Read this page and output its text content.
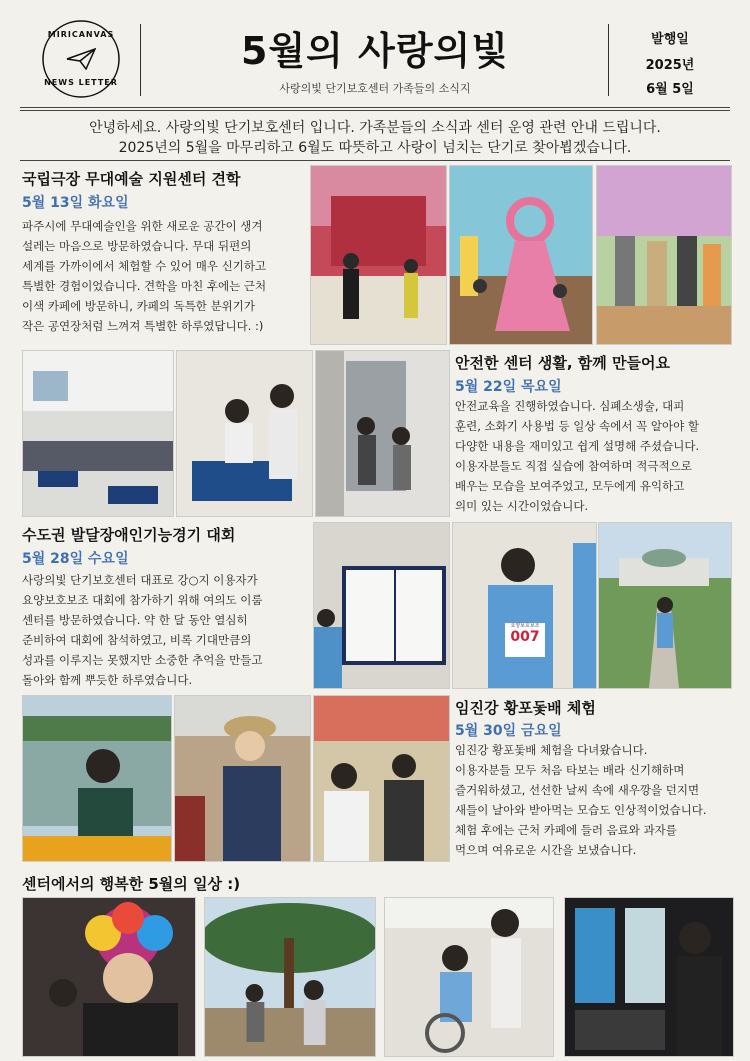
MIRICANVAS
NEWS LETTER
5월의 사랑의빛
사랑의빛 단기보호센터 가족들의 소식지
발행일
2025년
6월 5일
안녕하세요. 사랑의빛 단기보호센터 입니다. 가족분들의 소식과 센터 운영 관련 안내 드립니다.
2025년의 5월을 마무리하고 6월도 따뜻하고 사랑이 넘치는 단기로 찾아뵙겠습니다.
국립극장 무대예술 지원센터 견학
5월 13일 화요일
파주시에 무대예술인을 위한 새로운 공간이 생겨
설레는 마음으로 방문하였습니다. 무대 뒤편의
세계를 가까이에서 체험할 수 있어 매우 신기하고
특별한 경험이었습니다. 견학을 마친 후에는 근처
이색 카페에 방문하니, 카페의 독특한 분위기가
작은 공연장처럼 느껴져 특별한 하루였답니다. :)
안전한 센터 생활, 함께 만들어요
5월 22일 목요일
안전교육을 진행하였습니다. 심폐소생술, 대피
훈련, 소화기 사용법 등 일상 속에서 꼭 알아야 할
다양한 내용을 재미있고 쉽게 설명해 주셨습니다.
이용자분들도 직접 실습에 참여하며 적극적으로
배우는 모습을 보여주었고, 모두에게 유익하고
의미 있는 시간이었습니다.
수도권 발달장애인기능경기 대회
5월 28일 수요일
사랑의빛 단기보호센터 대표로 강○지 이용자가
요양보호보조 대회에 참가하기 위해 여의도 이룸
센터를 방문하였습니다. 약 한 달 동안 열심히
준비하여 대회에 참석하였고, 비록 기대만큼의
성과를 이루지는 못했지만 소중한 추억을 만들고
돌아와 함께 뿌듯한 하루였습니다.
요양보호보조
007
임진강 황포돛배 체험
5월 30일 금요일
임진강 황포돛배 체험을 다녀왔습니다.
이용자분들 모두 처음 타보는 배라 신기해하며
즐거워하셨고, 선선한 날씨 속에 새우깡을 던지면
새들이 날아와 받아먹는 모습도 인상적이었습니다.
체험 후에는 근처 카페에 들러 음료와 과자를
먹으며 여유로운 시간을 보냈습니다.
센터에서의 행복한 5월의 일상 :)
